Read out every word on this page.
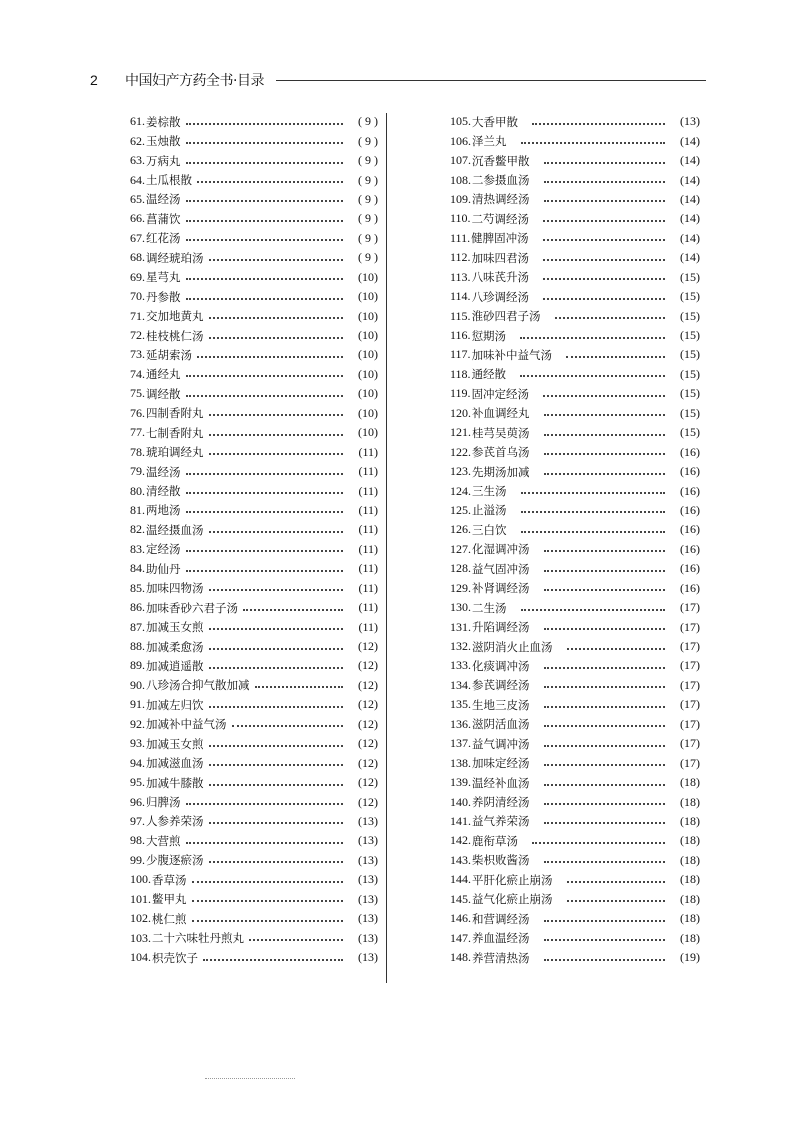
2	中国妇产方药全书·目录
61. 姜棕散	( 9 )
62. 玉烛散	( 9 )
63. 万病丸	( 9 )
64. 土瓜根散	( 9 )
65. 温经汤	( 9 )
66. 菖蒲饮	( 9 )
67. 红花汤	( 9 )
68. 调经琥珀汤	( 9 )
69. 星芎丸	(10)
70. 丹参散	(10)
71. 交加地黄丸	(10)
72. 桂枝桃仁汤	(10)
73. 延胡索汤	(10)
74. 通经丸	(10)
75. 调经散	(10)
76. 四制香附丸	(10)
77. 七制香附丸	(10)
78. 琥珀调经丸	(11)
79. 温经汤	(11)
80. 清经散	(11)
81. 两地汤	(11)
82. 温经摄血汤	(11)
83. 定经汤	(11)
84. 助仙丹	(11)
85. 加味四物汤	(11)
86. 加味香砂六君子汤	(11)
87. 加减玉女煎	(11)
88. 加减柔愈汤	(12)
89. 加减逍遥散	(12)
90. 八珍汤合抑气散加减	(12)
91. 加减左归饮	(12)
92. 加减补中益气汤	(12)
93. 加减玉女煎	(12)
94. 加减滋血汤	(12)
95. 加减牛膝散	(12)
96. 归脾汤	(12)
97. 人参养荣汤	(13)
98. 大营煎	(13)
99. 少腹逐瘀汤	(13)
100. 香草汤	(13)
101. 鳖甲丸	(13)
102. 桃仁煎	(13)
103. 二十六味牡丹煎丸	(13)
104. 枳壳饮子	(13)
105. 大香甲散	(13)
106. 泽兰丸	(14)
107. 沉香鳖甲散	(14)
108. 二参摄血汤	(14)
109. 清热调经汤	(14)
110. 二芍调经汤	(14)
111. 健脾固冲汤	(14)
112. 加味四君汤	(14)
113. 八味芪升汤	(15)
114. 八珍调经汤	(15)
115. 淮砂四君子汤	(15)
116. 愆期汤	(15)
117. 加味补中益气汤	(15)
118. 通经散	(15)
119. 固冲定经汤	(15)
120. 补血调经丸	(15)
121. 桂芎吴萸汤	(15)
122. 参芪首乌汤	(16)
123. 先期汤加减	(16)
124. 三生汤	(16)
125. 止溢汤	(16)
126. 三白饮	(16)
127. 化湿调冲汤	(16)
128. 益气固冲汤	(16)
129. 补肾调经汤	(16)
130. 二生汤	(17)
131. 升陷调经汤	(17)
132. 滋阴消火止血汤	(17)
133. 化痰调冲汤	(17)
134. 参芪调经汤	(17)
135. 生地三皮汤	(17)
136. 滋阴活血汤	(17)
137. 益气调冲汤	(17)
138. 加味定经汤	(17)
139. 温经补血汤	(18)
140. 养阴清经汤	(18)
141. 益气养荣汤	(18)
142. 鹿衔草汤	(18)
143. 柴枳败酱汤	(18)
144. 平肝化瘀止崩汤	(18)
145. 益气化瘀止崩汤	(18)
146. 和营调经汤	(18)
147. 养血温经汤	(18)
148. 养营清热汤	(19)
